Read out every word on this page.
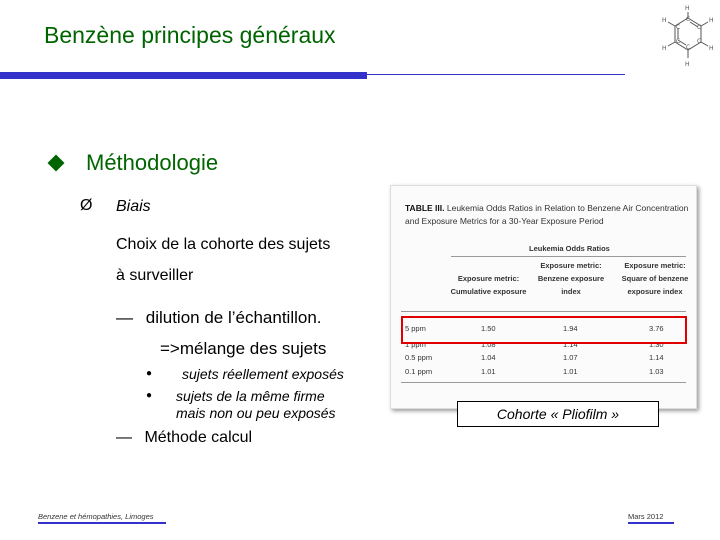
Benzène principes généraux
H
H
H
H
H
H
C
C
C
C
C
C
Méthodologie
Ø Biais
Choix de la cohorte des sujets
à surveiller
— dilution de l’échantillon.
=>mélange des sujets
● sujets réellement exposés
● sujets de la même firme
mais non ou peu exposés
— Méthode calcul
TABLE III. Leukemia Odds Ratios in Relation to Benzene Air Concentration
and Exposure Metrics for a 30-Year Exposure Period
Leukemia Odds Ratios
Exposure metric:
Cumulative exposure
Exposure metric:
Benzene exposure
index
Exposure metric:
Square of benzene
exposure index
5 ppm	1.50	1.94	3.76
1 ppm	1.08	1.14	1.30
0.5 ppm	1.04	1.07	1.14
0.1 ppm	1.01	1.01	1.03
Cohorte « Pliofilm »
Benzene et hémopathies, Limoges	Mars 2012
